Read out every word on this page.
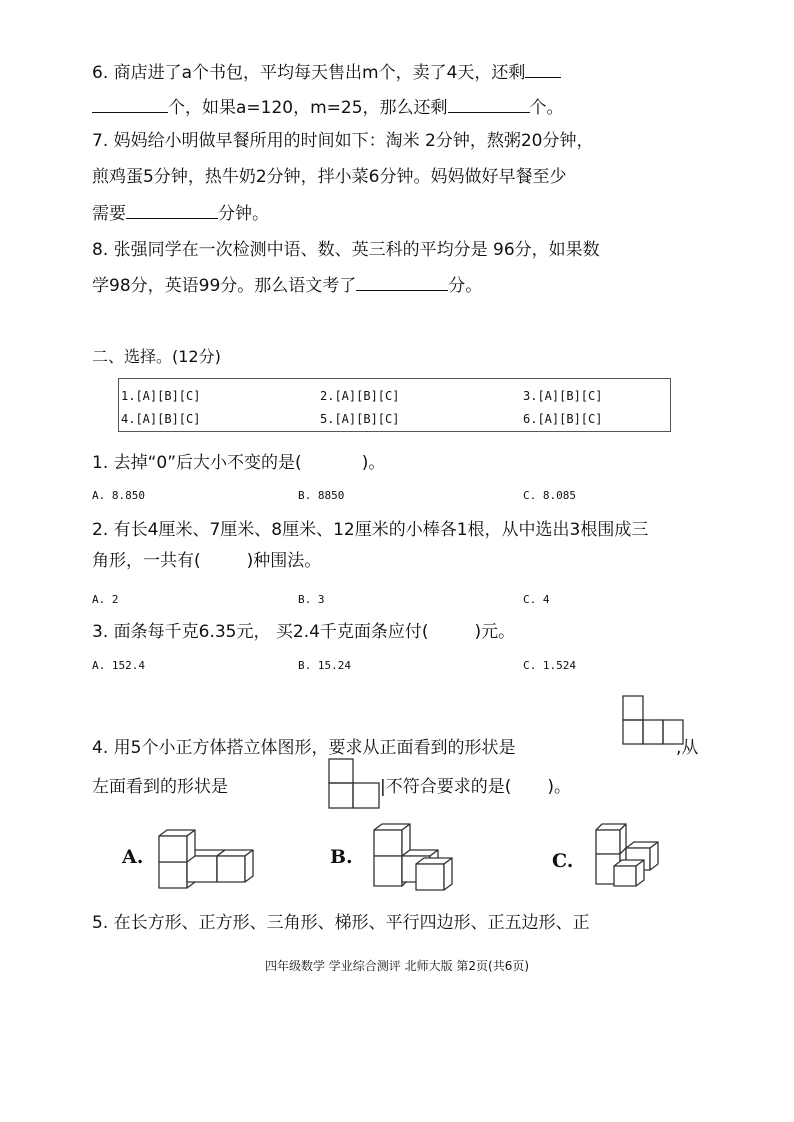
6. 商店进了a个书包，平均每天售出m个，卖了4天，还剩
个，如果a=120，m=25，那么还剩	个。
7. 妈妈给小明做早餐所用的时间如下：淘米 2分钟，熬粥20分钟，
煎鸡蛋5分钟，热牛奶2分钟，拌小菜6分钟。妈妈做好早餐至少
需要	分钟。
8. 张强同学在一次检测中语、数、英三科的平均分是 96分，如果数
学98分，英语99分。那么语文考了	分。
二、选择。(12分)
1.[A][B][C]	2.[A][B][C]	3.[A][B][C]
4.[A][B][C]	5.[A][B][C]	6.[A][B][C]
1. 去掉“0”后大小不变的是(	)。
A. 8.850	B. 8850	C. 8.085
2. 有长4厘米、7厘米、8厘米、12厘米的小棒各1根，从中选出3根围成三
角形，一共有(	)种围法。
A. 2	B. 3	C. 4
3. 面条每千克6.35元， 买2.4千克面条应付(	)元。
A. 152.4	B. 15.24	C. 1.524
4. 用5个小正方体搭立体图形，要求从正面看到的形状是	,从
左面看到的形状是	|不符合要求的是( )。
A.	B.	C.
5. 在长方形、正方形、三角形、梯形、平行四边形、正五边形、正
四年级数学 学业综合测评 北师大版 第2页(共6页)
